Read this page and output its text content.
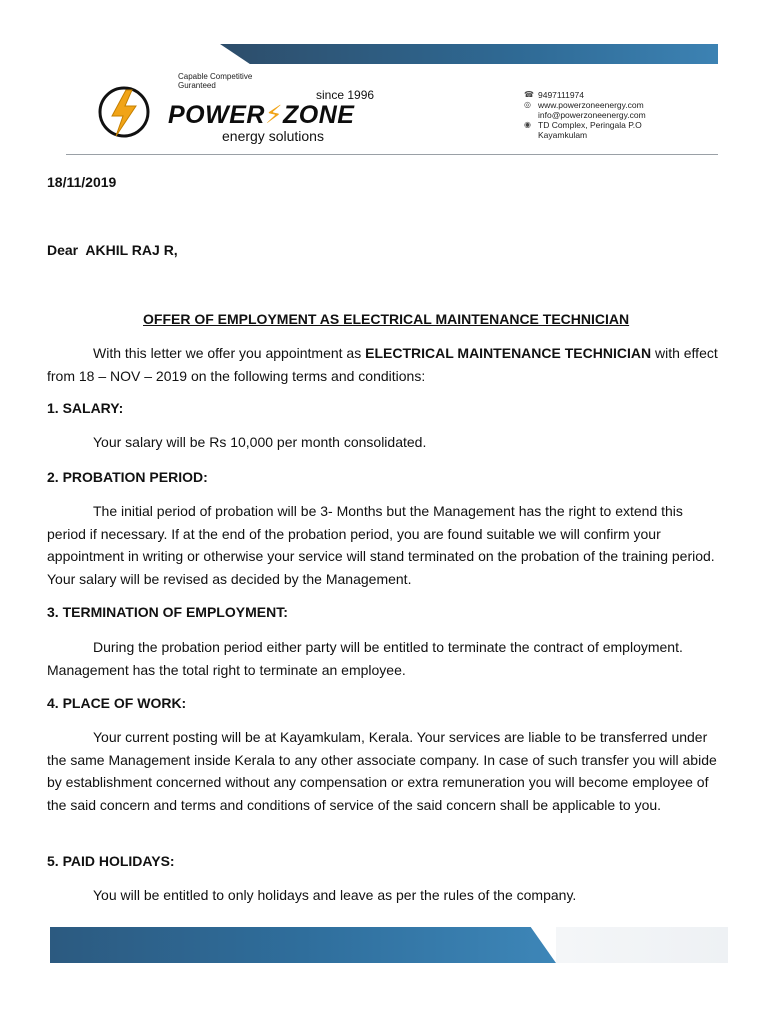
Capable Competitive
Guranteed
since 1996
POWER⚡ZONE
energy solutions
☎ 9497111974
◎ www.powerzoneenergy.com
info@powerzoneenergy.com
◉ TD Complex, Peringala P.O
Kayamkulam
18/11/2019
Dear  AKHIL RAJ R,
OFFER OF EMPLOYMENT AS ELECTRICAL MAINTENANCE TECHNICIAN
With this letter we offer you appointment as ELECTRICAL MAINTENANCE TECHNICIAN with effect from 18 – NOV – 2019 on the following terms and conditions:
1. SALARY:
Your salary will be Rs 10,000 per month consolidated.
2. PROBATION PERIOD:
The initial period of probation will be 3- Months but the Management has the right to extend this period if necessary. If at the end of the probation period, you are found suitable we will confirm your appointment in writing or otherwise your service will stand terminated on the probation of the training period. Your salary will be revised as decided by the Management.
3. TERMINATION OF EMPLOYMENT:
During the probation period either party will be entitled to terminate the contract of employment. Management has the total right to terminate an employee.
4. PLACE OF WORK:
Your current posting will be at Kayamkulam, Kerala. Your services are liable to be transferred under the same Management inside Kerala to any other associate company. In case of such transfer you will abide by establishment concerned without any compensation or extra remuneration you will become employee of the said concern and terms and conditions of service of the said concern shall be applicable to you.
5. PAID HOLIDAYS:
You will be entitled to only holidays and leave as per the rules of the company.
